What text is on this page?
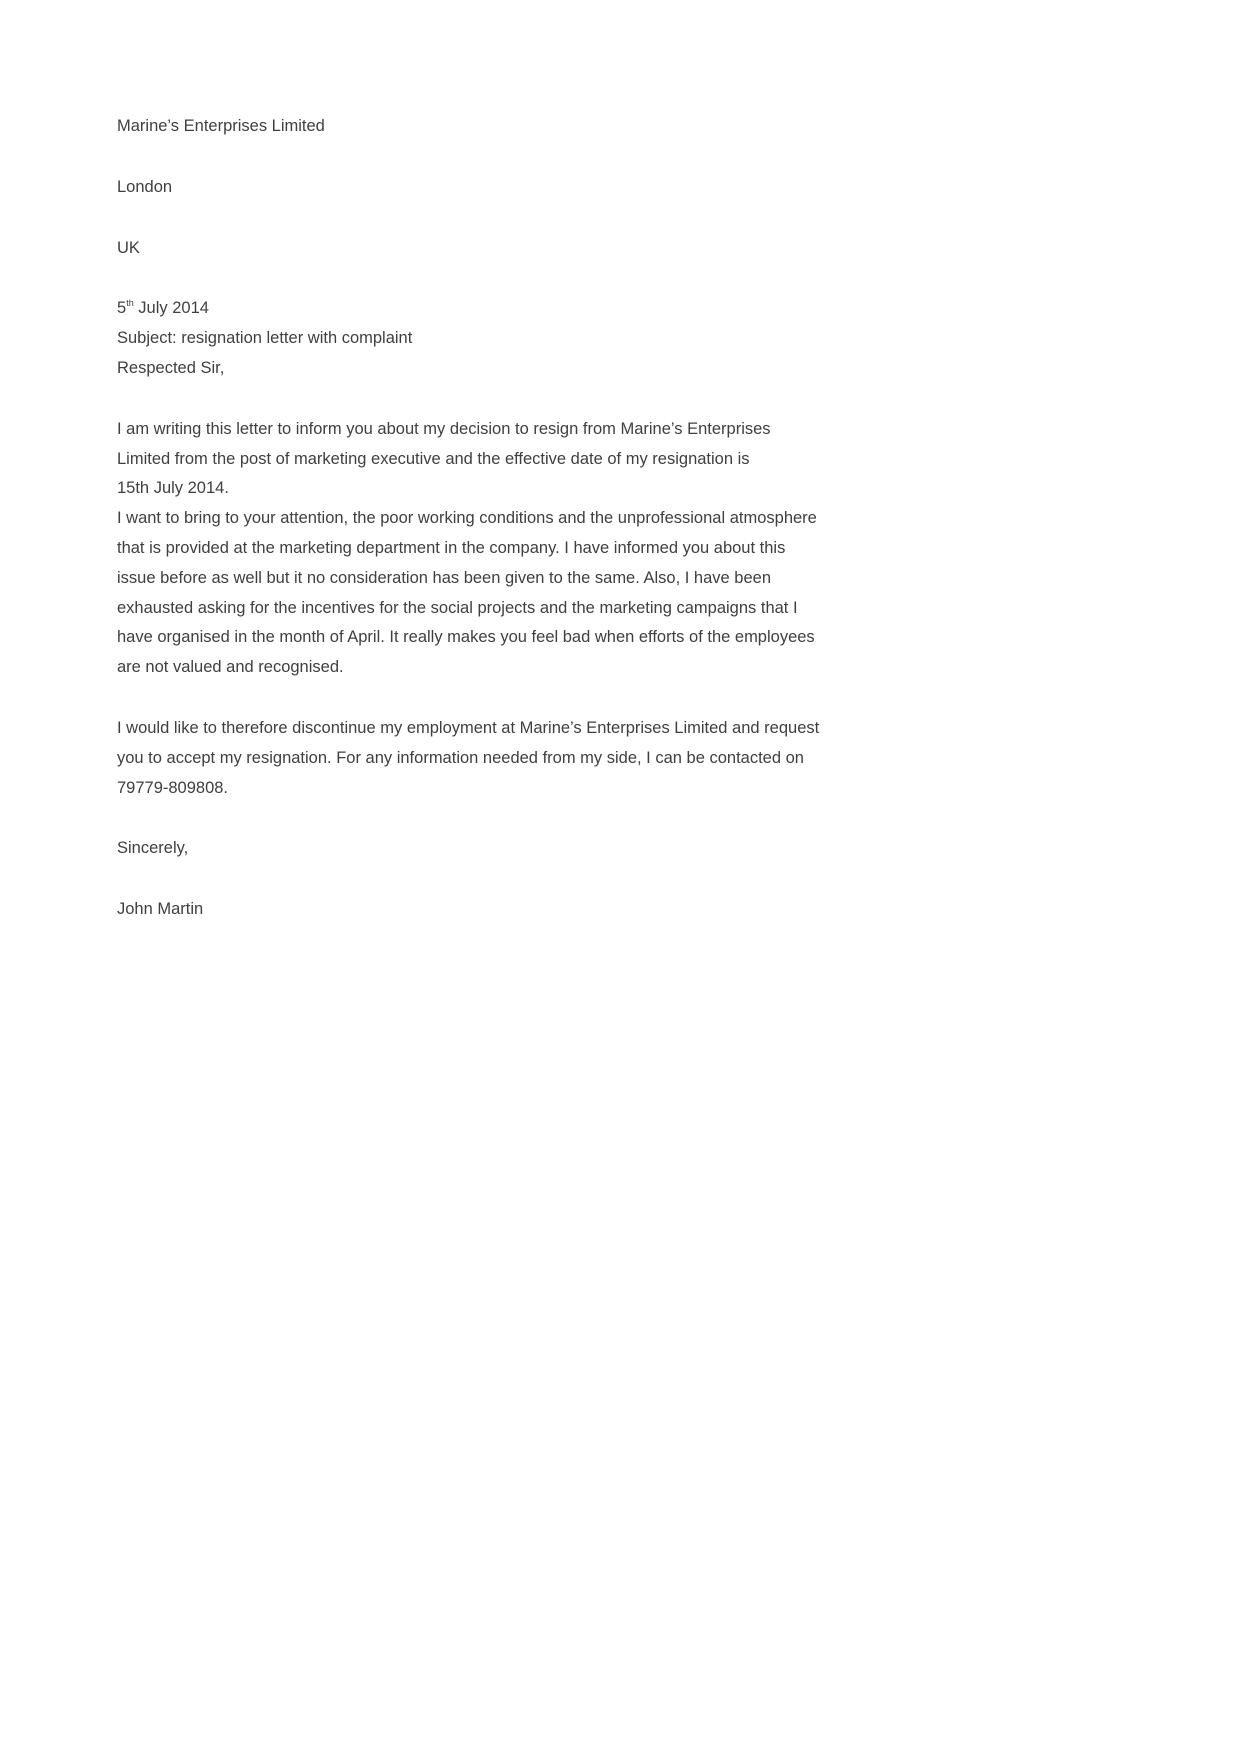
Marine’s Enterprises Limited

London

UK

5th July 2014

Subject: resignation letter with complaint

Respected Sir,

I am writing this letter to inform you about my decision to resign from Marine’s Enterprises

Limited from the post of marketing executive and the effective date of my resignation is

15th July 2014.

I want to bring to your attention, the poor working conditions and the unprofessional atmosphere

that is provided at the marketing department in the company. I have informed you about this

issue before as well but it no consideration has been given to the same. Also, I have been

exhausted asking for the incentives for the social projects and the marketing campaigns that I

have organised in the month of April. It really makes you feel bad when efforts of the employees

are not valued and recognised.

I would like to therefore discontinue my employment at Marine’s Enterprises Limited and request

you to accept my resignation. For any information needed from my side, I can be contacted on

79779-809808.

Sincerely,

John Martin
